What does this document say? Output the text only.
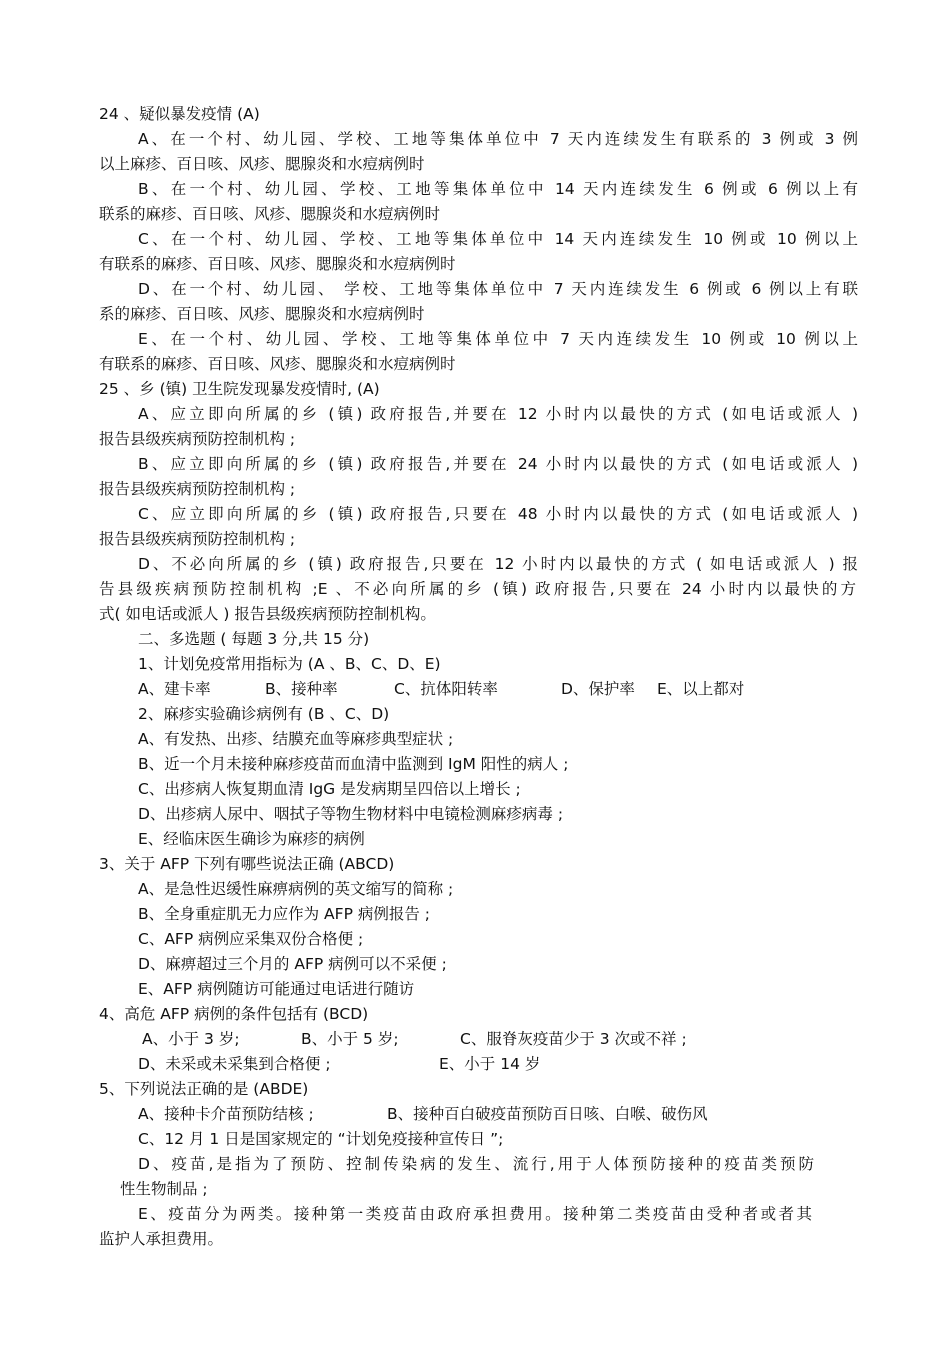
24 、疑似暴发疫情 (A)
A、在一个村、幼儿园、学校、工地等集体单位中 7 天内连续发生有联系的 3 例或 3 例
以上麻疹、百日咳、风疹、腮腺炎和水痘病例时
B、在一个村、幼儿园、学校、工地等集体单位中 14 天内连续发生 6 例或 6 例以上有
联系的麻疹、百日咳、风疹、腮腺炎和水痘病例时
C、在一个村、幼儿园、学校、工地等集体单位中 14 天内连续发生 10 例或 10 例以上
有联系的麻疹、百日咳、风疹、腮腺炎和水痘病例时
D、在一个村、幼儿园、 学校、工地等集体单位中 7 天内连续发生 6 例或 6 例以上有联
系的麻疹、百日咳、风疹、腮腺炎和水痘病例时
E、在一个村、幼儿园、学校、工地等集体单位中 7 天内连续发生 10 例或 10 例以上
有联系的麻疹、百日咳、风疹、腮腺炎和水痘病例时
25 、乡 (镇) 卫生院发现暴发疫情时, (A)
A、应立即向所属的乡 (镇) 政府报告,并要在 12 小时内以最快的方式 (如电话或派人 )
报告县级疾病预防控制机构 ;
B、应立即向所属的乡 (镇) 政府报告,并要在 24 小时内以最快的方式 (如电话或派人 )
报告县级疾病预防控制机构 ;
C、应立即向所属的乡 (镇) 政府报告,只要在 48 小时内以最快的方式 (如电话或派人 )
报告县级疾病预防控制机构 ;
D、不必向所属的乡 (镇) 政府报告,只要在 12 小时内以最快的方式 ( 如电话或派人 ) 报
告县级疾病预防控制机构 ;E 、不必向所属的乡 (镇) 政府报告,只要在 24 小时内以最快的方
式( 如电话或派人 ) 报告县级疾病预防控制机构。
二、多选题 ( 每题 3 分,共 15 分)
1、计划免疫常用指标为 (A 、B、C、D、E)
A、建卡率	B、接种率	C、抗体阳转率	D、保护率 E、以上都对
2、麻疹实验确诊病例有 (B 、C、D)
A、有发热、出疹、结膜充血等麻疹典型症状 ;
B、近一个月未接种麻疹疫苗而血清中监测到 IgM 阳性的病人 ;
C、出疹病人恢复期血清 IgG 是发病期呈四倍以上增长 ;
D、出疹病人尿中、咽拭子等物生物材料中电镜检测麻疹病毒 ;
E、经临床医生确诊为麻疹的病例
3、关于 AFP 下列有哪些说法正确 (ABCD)
A、是急性迟缓性麻痹病例的英文缩写的简称 ;
B、全身重症肌无力应作为 AFP 病例报告 ;
C、AFP 病例应采集双份合格便 ;
D、麻痹超过三个月的 AFP 病例可以不采便 ;
E、AFP 病例随访可能通过电话进行随访
4、高危 AFP 病例的条件包括有 (BCD)
A、小于 3 岁;	B、小于 5 岁;	C、服脊灰疫苗少于 3 次或不祥 ;
D、未采或未采集到合格便 ;	E、小于 14 岁
5、下列说法正确的是 (ABDE)
A、接种卡介苗预防结核 ;	B、接种百白破疫苗预防百日咳、白喉、破伤风
C、12 月 1 日是国家规定的 “计划免疫接种宣传日 ”;
D、疫苗,是指为了预防、控制传染病的发生、流行,用于人体预防接种的疫苗类预防
性生物制品 ;
E、疫苗分为两类。接种第一类疫苗由政府承担费用。接种第二类疫苗由受种者或者其
监护人承担费用。
